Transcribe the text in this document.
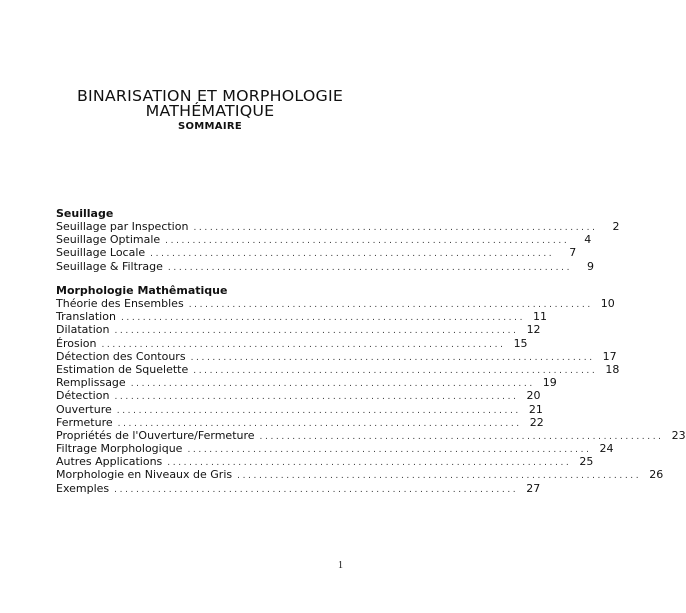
BINARISATION ET MORPHOLOGIE
MATHÉMATIQUE
SOMMAIRE
Seuillage
Seuillage par Inspection ..........................................................................	2
Seuillage Optimale ..........................................................................	4
Seuillage Locale ..........................................................................	7
Seuillage & Filtrage ..........................................................................	9
Morphologie Mathêmatique
Théorie des Ensembles .......................................................................... 10
Translation .......................................................................... 11
Dilatation .......................................................................... 12
Érosion .......................................................................... 15
Détection des Contours .......................................................................... 17
Estimation de Squelette .......................................................................... 18
Remplissage .......................................................................... 19
Détection .......................................................................... 20
Ouverture .......................................................................... 21
Fermeture .......................................................................... 22
Propriétés de l'Ouverture/Fermeture .......................................................................... 23
Filtrage Morphologique .......................................................................... 24
Autres Applications .......................................................................... 25
Morphologie en Niveaux de Gris .......................................................................... 26
Exemples .......................................................................... 27
1
